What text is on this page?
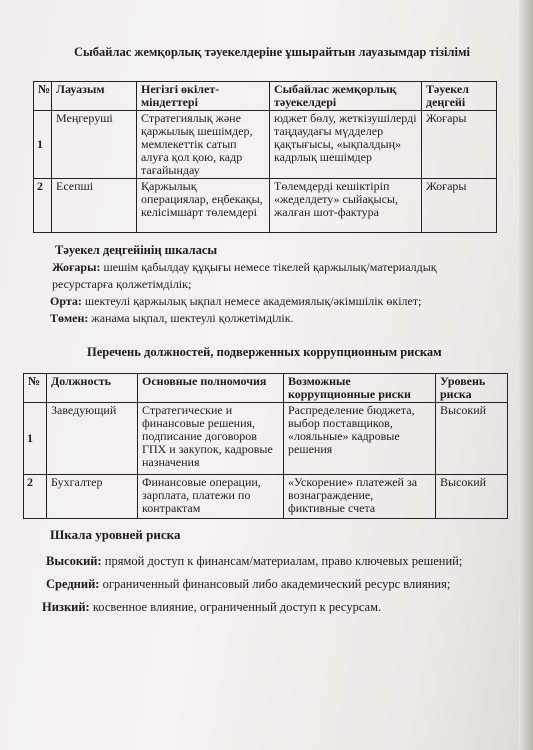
Сыбайлас жемқорлық тәуекелдеріне ұшырайтын лауазымдар тізілімі
№	Лауазым	Негізгі өкілет-міндеттері	Сыбайлас жемқорлық тәуекелдері	Тәуекел деңгейі
1	Меңгеруші	Стратегиялық және қаржылық шешімдер, мемлекеттік сатып алуға қол қою, кадр тағайындау	юджет бөлу, жеткізушілерді таңдаудағы мүдделер қақтығысы, «ықпалдың» кадрлық шешімдер	Жоғары
2	Есепші	Қаржылық операциялар, еңбекақы, келісімшарт төлемдері	Төлемдерді кешіктіріп «жеделдету» сыйақысы, жалған шот-фактура	Жоғары
Тәуекел деңгейінің шкаласы
Жоғары: шешім қабылдау құқығы немесе тікелей қаржылық/материалдық ресурстарға қолжетімділік;
Орта: шектеулі қаржылық ықпал немесе академиялық/әкімшілік өкілет;
Төмен: жанама ықпал, шектеулі қолжетімділік.
Перечень должностей, подверженных коррупционным рискам
№	Должность	Основные полномочия	Возможные коррупционные риски	Уровень риска
1	Заведующий	Стратегические и финансовые решения, подписание договоров ГПХ и закупок, кадровые назначения	Распределение бюджета, выбор поставщиков, «лояльные» кадровые решения	Высокий
2	Бухгалтер	Финансовые операции, зарплата, платежи по контрактам	«Ускорение» платежей за вознаграждение, фиктивные счета	Высокий
Шкала уровней риска
Высокий: прямой доступ к финансам/материалам, право ключевых решений;
Средний: ограниченный финансовый либо академический ресурс влияния;
Низкий: косвенное влияние, ограниченный доступ к ресурсам.
